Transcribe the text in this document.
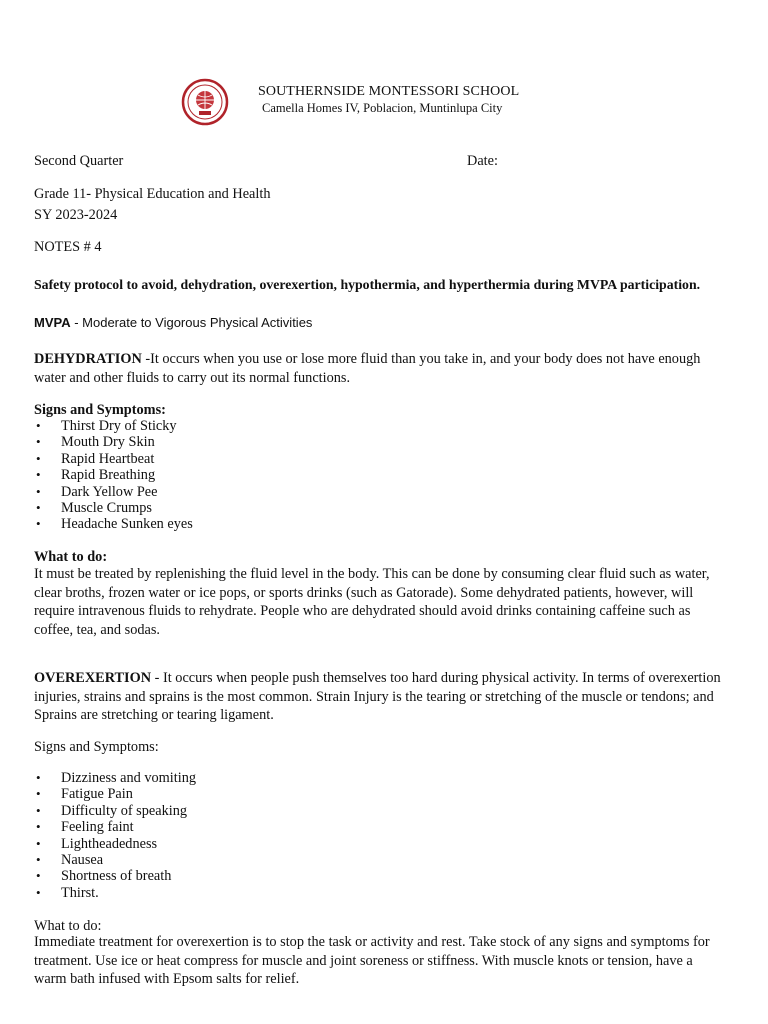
SOUTHERNSIDE MONTESSORI SCHOOL
Camella Homes IV, Poblacion, Muntinlupa City
Second Quarter	Date:
Grade 11- Physical Education and Health
SY 2023-2024
NOTES # 4
Safety protocol to avoid, dehydration, overexertion, hypothermia, and hyperthermia during MVPA participation.
MVPA - Moderate to Vigorous Physical Activities
DEHYDRATION -It occurs when you use or lose more fluid than you take in, and your body does not have enough water and other fluids to carry out its normal functions.
Signs and Symptoms:
• Thirst Dry of Sticky
• Mouth Dry Skin
• Rapid Heartbeat
• Rapid Breathing
• Dark Yellow Pee
• Muscle Crumps
• Headache Sunken eyes
What to do:
It must be treated by replenishing the fluid level in the body. This can be done by consuming clear fluid such as water, clear broths, frozen water or ice pops, or sports drinks (such as Gatorade). Some dehydrated patients, however, will require intravenous fluids to rehydrate. People who are dehydrated should avoid drinks containing caffeine such as coffee, tea, and sodas.
OVEREXERTION - It occurs when people push themselves too hard during physical activity. In terms of overexertion injuries, strains and sprains is the most common. Strain Injury is the tearing or stretching of the muscle or tendons; and Sprains are stretching or tearing ligament.
Signs and Symptoms:
• Dizziness and vomiting
• Fatigue Pain
• Difficulty of speaking
• Feeling faint
• Lightheadedness
• Nausea
• Shortness of breath
• Thirst.
What to do:
Immediate treatment for overexertion is to stop the task or activity and rest. Take stock of any signs and symptoms for treatment. Use ice or heat compress for muscle and joint soreness or stiffness. With muscle knots or tension, have a warm bath infused with Epsom salts for relief.
